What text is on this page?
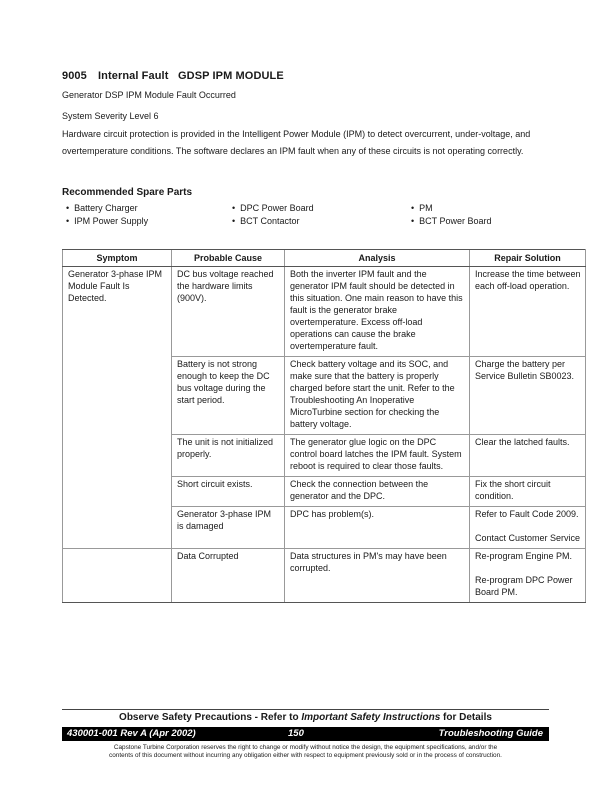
9005 Internal Fault GDSP IPM MODULE
Generator DSP IPM Module Fault Occurred
System Severity Level 6
Hardware circuit protection is provided in the Intelligent Power Module (IPM) to detect overcurrent, under-voltage, and overtemperature conditions. The software declares an IPM fault when any of these circuits is not operating correctly.
Recommended Spare Parts
• Battery Charger
• IPM Power Supply
• DPC Power Board
• BCT Contactor
• PM
• BCT Power Board
Symptom	Probable Cause	Analysis	Repair Solution
Generator 3-phase IPM Module Fault Is Detected.	DC bus voltage reached the hardware limits (900V).	Both the inverter IPM fault and the generator IPM fault should be detected in this situation. One main reason to have this fault is the generator brake overtemperature. Excess off-load operations can cause the brake overtemperature fault.	Increase the time between each off-load operation.
	Battery is not strong enough to keep the DC bus voltage during the start period.	Check battery voltage and its SOC, and make sure that the battery is properly charged before start the unit. Refer to the Troubleshooting An Inoperative MicroTurbine section for checking the battery voltage.	Charge the battery per Service Bulletin SB0023.
	The unit is not initialized properly.	The generator glue logic on the DPC control board latches the IPM fault. System reboot is required to clear those faults.	Clear the latched faults.
	Short circuit exists.	Check the connection between the generator and the DPC.	Fix the short circuit condition.
	Generator 3-phase IPM is damaged	DPC has problem(s).	Refer to Fault Code 2009.
Contact Customer Service

	Data Corrupted	Data structures in PM's may have been corrupted.	Re-program Engine PM.
Re-program DPC Power Board PM.
Observe Safety Precautions - Refer to Important Safety Instructions for Details
430001-001 Rev A (Apr 2002)	150	Troubleshooting Guide
Capstone Turbine Corporation reserves the right to change or modify without notice the design, the equipment specifications, and/or the
contents of this document without incurring any obligation either with respect to equipment previously sold or in the process of construction.
